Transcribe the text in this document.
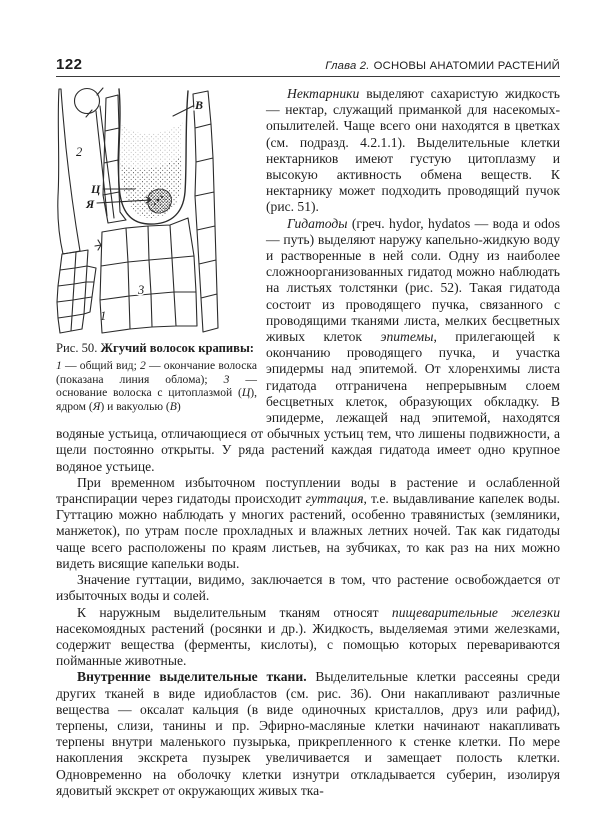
122	Глава 2. ОСНОВЫ АНАТОМИИ РАСТЕНИЙ
1
2
Ц
Я
В
3

Рис. 50. Жгучий волосок крапивы:

1 — общий вид; 2 — окончание волоска (показана линия облома); 3 — основание волоска с цитоплазмой (Ц), ядром (Я) и вакуолью (В)

Нектарники выделяют сахаристую жидкость — нектар, служащий приманкой для насекомых-опылителей. Чаще всего они находятся в цветках (см. подразд. 4.2.1.1). Выделительные клетки нектарников имеют густую цитоплазму и высокую активность обмена веществ. К нектарнику может подходить проводящий пучок (рис. 51).

Гидатоды (греч. hydor, hydatos — вода и odos — путь) выделяют наружу капельно-жидкую воду и растворенные в ней соли. Одну из наиболее сложноорганизованных гидатод можно наблюдать на листьях толстянки (рис. 52). Такая гидатода состоит из проводящего пучка, связанного с проводящими тканями листа, мелких бесцветных живых клеток эпитемы, прилегающей к окончанию проводящего пучка, и участка эпидермы над эпитемой. От хлоренхимы листа гидатода отграничена непрерывным слоем бесцветных клеток, образующих обкладку. В эпидерме, лежащей над эпитемой, находятся водяные устьица, отличающиеся от обычных устьиц тем, что лишены подвижности, а щели постоянно открыты. У ряда растений каждая гидатода имеет одно крупное водяное устьице.

При временном избыточном поступлении воды в растение и ослабленной транспирации через гидатоды происходит гуттация, т.е. выдавливание капелек воды. Гуттацию можно наблюдать у многих растений, особенно травянистых (земляники, манжеток), по утрам после прохладных и влажных летних ночей. Так как гидатоды чаще всего расположены по краям листьев, на зубчиках, то как раз на них можно видеть висящие капельки воды.

Значение гуттации, видимо, заключается в том, что растение освобождается от избыточных воды и солей.

К наружным выделительным тканям относят пищеварительные железки насекомоядных растений (росянки и др.). Жидкость, выделяемая этими железками, содержит вещества (ферменты, кислоты), с помощью которых перевариваются пойманные животные.

Внутренние выделительные ткани. Выделительные клетки рассеяны среди других тканей в виде идиобластов (см. рис. 36). Они накапливают различные вещества — оксалат кальция (в виде одиночных кристаллов, друз или рафид), терпены, слизи, танины и пр. Эфирно-масляные клетки начинают накапливать терпены внутри маленького пузырька, прикрепленного к стенке клетки. По мере накопления экскрета пузырек увеличивается и замещает полость клетки. Одновременно на оболочку клетки изнутри откладывается суберин, изолируя ядовитый экскрет от окружающих живых тка-
